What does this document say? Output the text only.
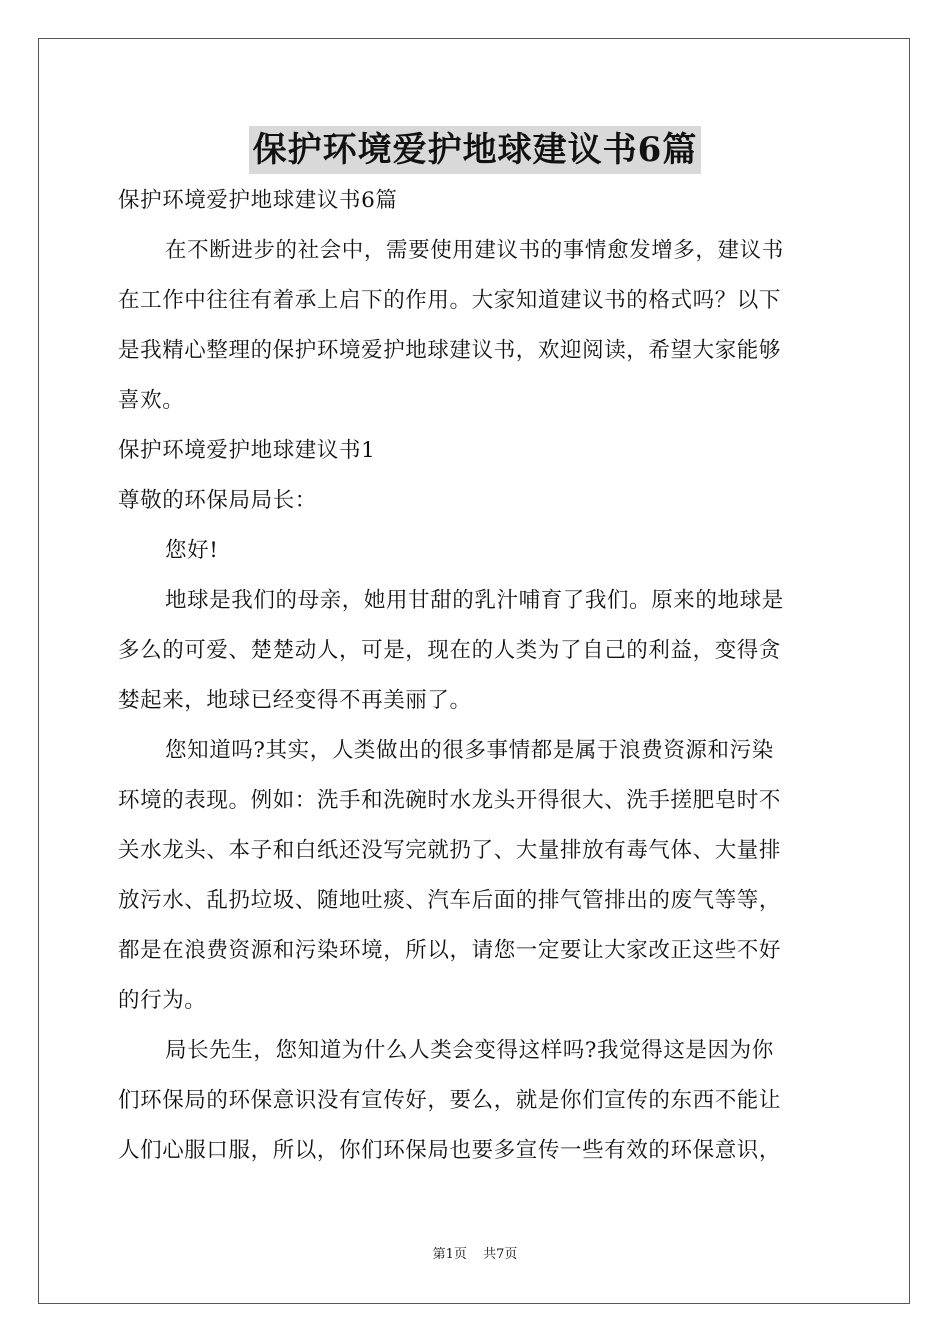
保护环境爱护地球建议书6篇
保护环境爱护地球建议书6篇
在不断进步的社会中，需要使用建议书的事情愈发增多，建议书
在工作中往往有着承上启下的作用。大家知道建议书的格式吗？以下
是我精心整理的保护环境爱护地球建议书，欢迎阅读，希望大家能够
喜欢。
保护环境爱护地球建议书1
尊敬的环保局局长：
您好!
地球是我们的母亲，她用甘甜的乳汁哺育了我们。原来的地球是
多么的可爱、楚楚动人，可是，现在的人类为了自己的利益，变得贪
婪起来，地球已经变得不再美丽了。
您知道吗?其实，人类做出的很多事情都是属于浪费资源和污染
环境的表现。例如：洗手和洗碗时水龙头开得很大、洗手搓肥皂时不
关水龙头、本子和白纸还没写完就扔了、大量排放有毒气体、大量排
放污水、乱扔垃圾、随地吐痰、汽车后面的排气管排出的废气等等，
都是在浪费资源和污染环境，所以，请您一定要让大家改正这些不好
的行为。
局长先生，您知道为什么人类会变得这样吗?我觉得这是因为你
们环保局的环保意识没有宣传好，要么，就是你们宣传的东西不能让
人们心服口服，所以，你们环保局也要多宣传一些有效的环保意识，
第1页 共7页
